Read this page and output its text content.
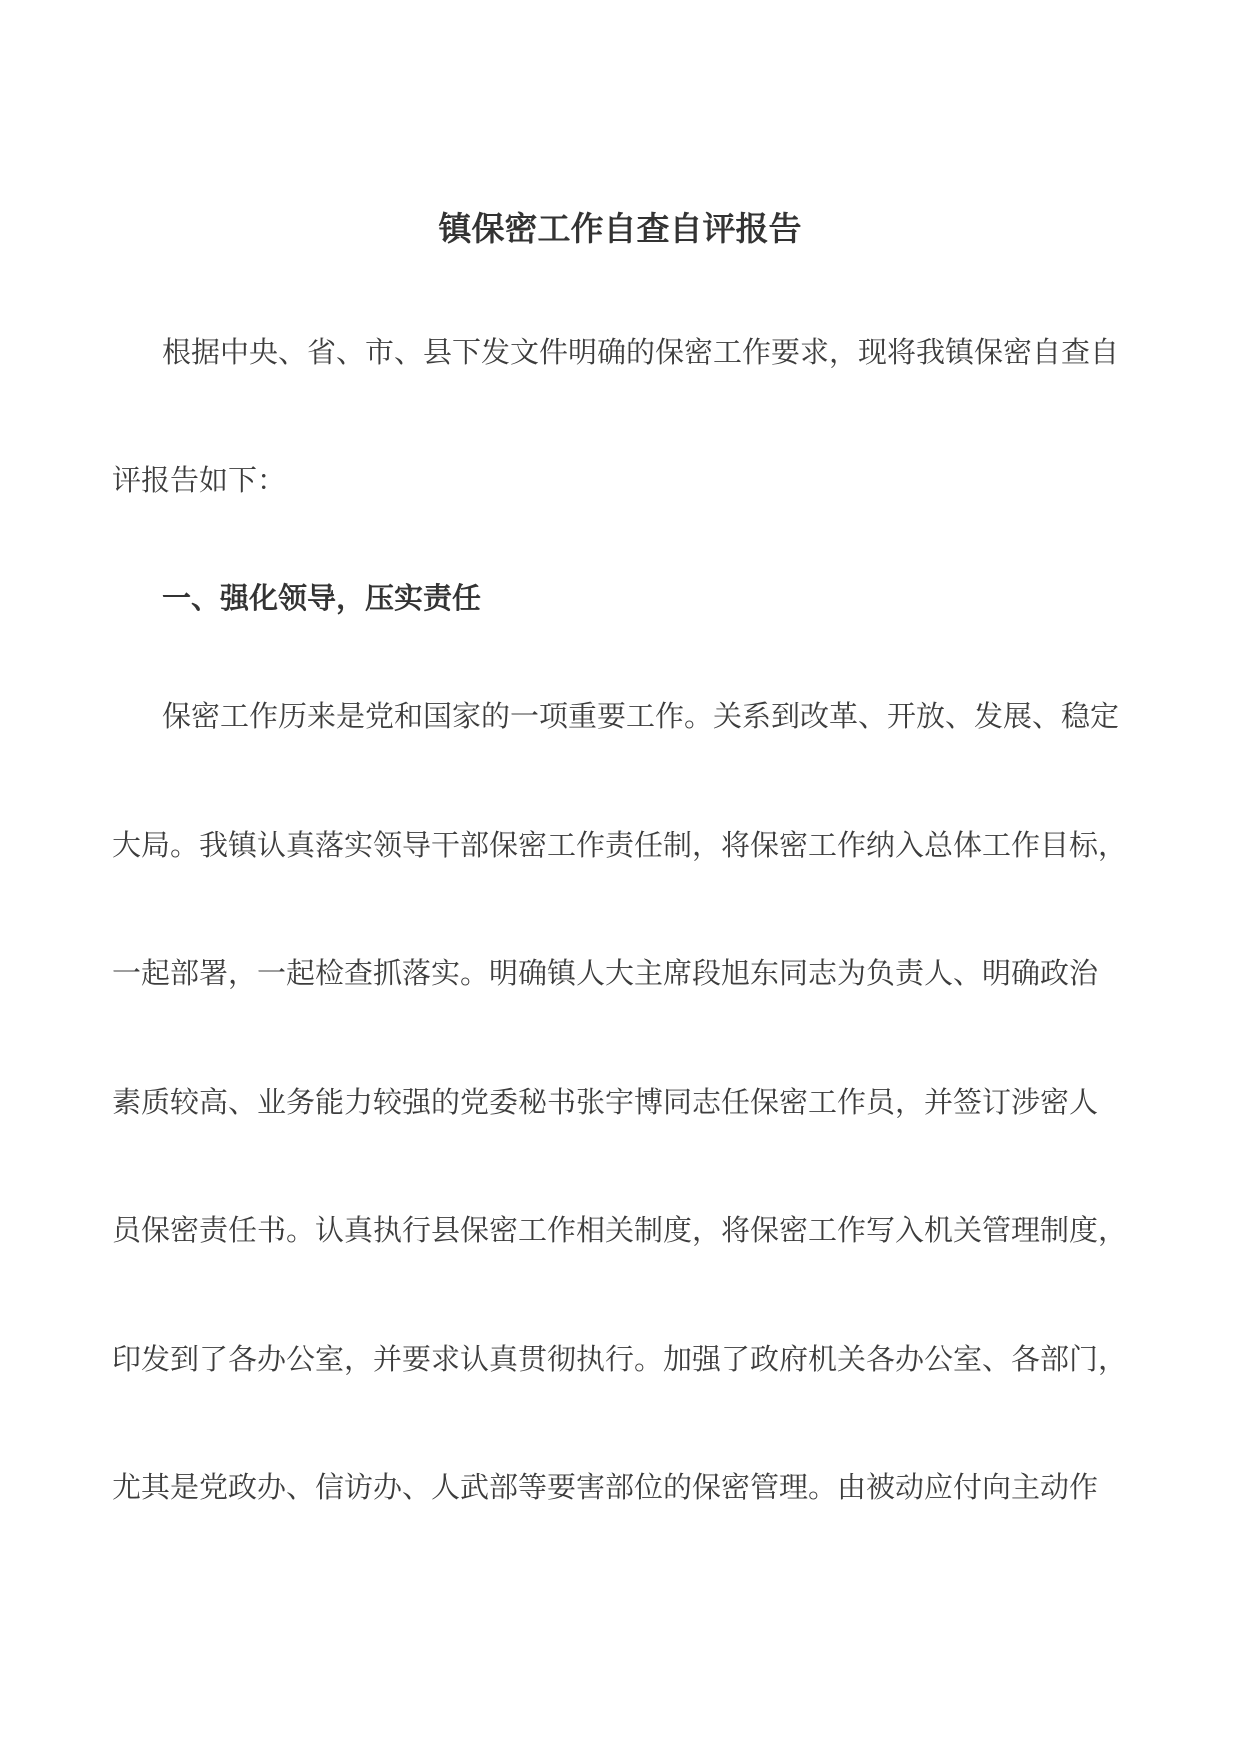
镇保密工作自查自评报告
根据中央、省、市、县下发文件明确的保密工作要求，现将我镇保密自查自
评报告如下：
一、强化领导，压实责任
保密工作历来是党和国家的一项重要工作。关系到改革、开放、发展、稳定
大局。我镇认真落实领导干部保密工作责任制，将保密工作纳入总体工作目标，
一起部署，一起检查抓落实。明确镇人大主席段旭东同志为负责人、明确政治
素质较高、业务能力较强的党委秘书张宇博同志任保密工作员，并签订涉密人
员保密责任书。认真执行县保密工作相关制度，将保密工作写入机关管理制度，
印发到了各办公室，并要求认真贯彻执行。加强了政府机关各办公室、各部门，
尤其是党政办、信访办、人武部等要害部位的保密管理。由被动应付向主动作
